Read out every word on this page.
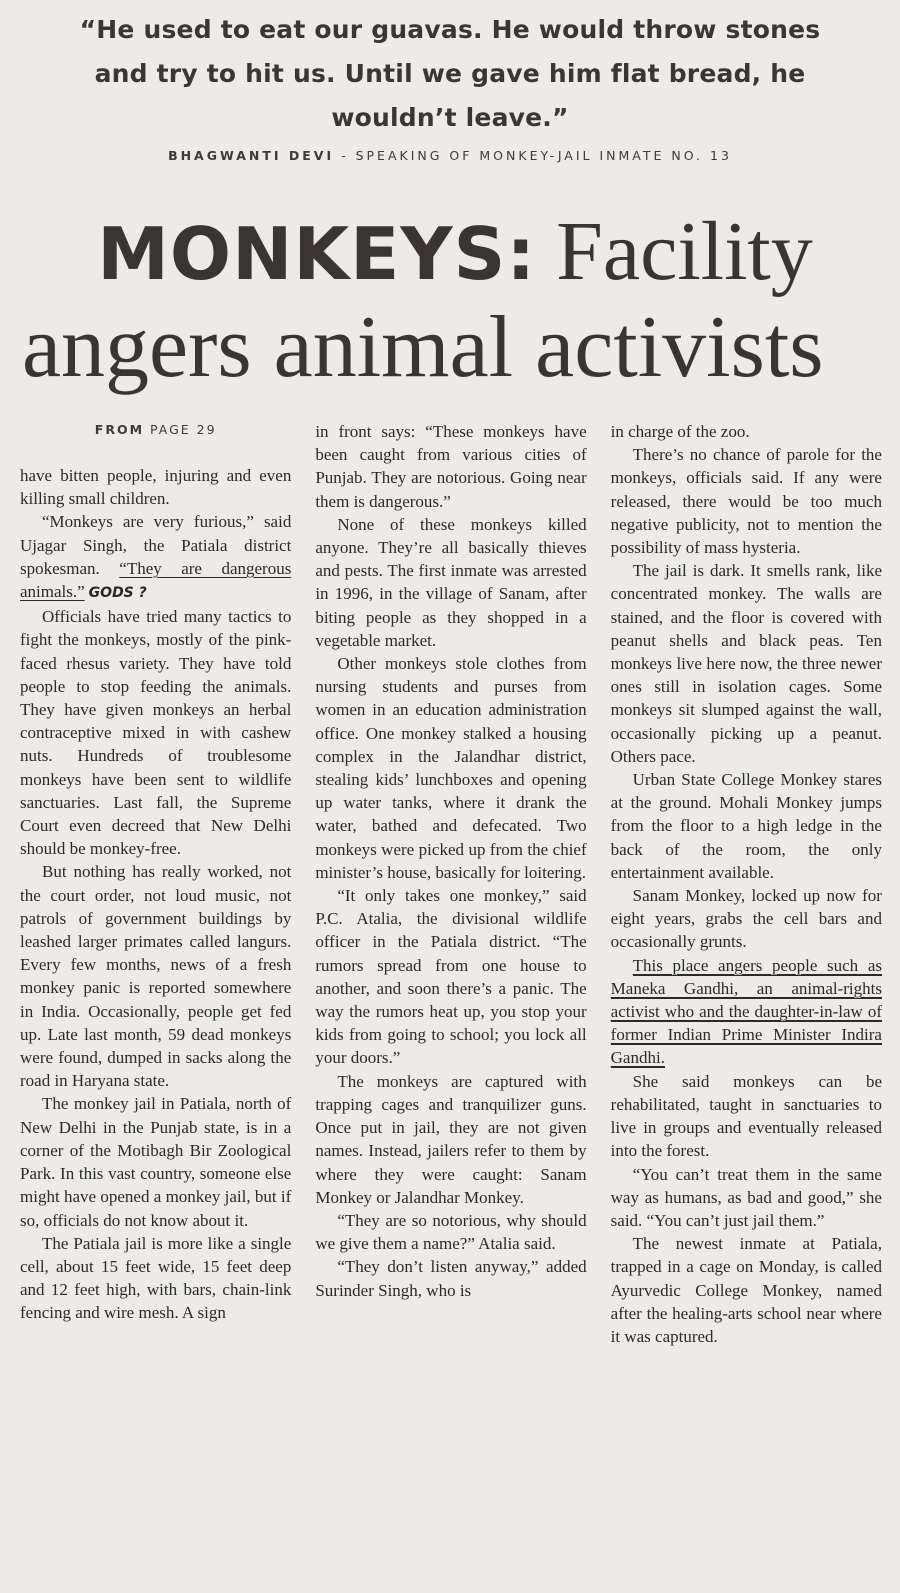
“He used to eat our guavas. He would throw stones
and try to hit us. Until we gave him flat bread, he
wouldn’t leave.”
BHAGWANTI DEVI - SPEAKING OF MONKEY-JAIL INMATE NO. 13
MONKEYS: Facility
angers animal activists
FROM PAGE 29

have bitten people, injuring and even killing small children.

“Monkeys are very furious,” said Ujagar Singh, the Patiala district spokesman. “They are dangerous animals.” GODS ?

Officials have tried many tactics to fight the monkeys, mostly of the pink-faced rhesus variety. They have told people to stop feeding the animals. They have given monkeys an herbal contraceptive mixed in with cashew nuts. Hundreds of troublesome monkeys have been sent to wildlife sanctuaries. Last fall, the Supreme Court even decreed that New Delhi should be monkey-free.

But nothing has really worked, not the court order, not loud music, not patrols of government buildings by leashed larger primates called langurs. Every few months, news of a fresh monkey panic is reported somewhere in India. Occasionally, people get fed up. Late last month, 59 dead monkeys were found, dumped in sacks along the road in Haryana state.

The monkey jail in Patiala, north of New Delhi in the Punjab state, is in a corner of the Motibagh Bir Zoological Park. In this vast country, someone else might have opened a monkey jail, but if so, officials do not know about it.

The Patiala jail is more like a single cell, about 15 feet wide, 15 feet deep and 12 feet high, with bars, chain-link fencing and wire mesh. A sign

in front says: “These monkeys have been caught from various cities of Punjab. They are notorious. Going near them is dangerous.”

None of these monkeys killed anyone. They’re all basically thieves and pests. The first inmate was arrested in 1996, in the village of Sanam, after biting people as they shopped in a vegetable market.

Other monkeys stole clothes from nursing students and purses from women in an education administration office. One monkey stalked a housing complex in the Jalandhar district, stealing kids’ lunchboxes and opening up water tanks, where it drank the water, bathed and defecated. Two monkeys were picked up from the chief minister’s house, basically for loitering.

“It only takes one monkey,” said P.C. Atalia, the divisional wildlife officer in the Patiala district. “The rumors spread from one house to another, and soon there’s a panic. The way the rumors heat up, you stop your kids from going to school; you lock all your doors.”

The monkeys are captured with trapping cages and tranquilizer guns. Once put in jail, they are not given names. Instead, jailers refer to them by where they were caught: Sanam Monkey or Jalandhar Monkey.

“They are so notorious, why should we give them a name?” Atalia said.

“They don’t listen anyway,” added Surinder Singh, who is

in charge of the zoo.

There’s no chance of parole for the monkeys, officials said. If any were released, there would be too much negative publicity, not to mention the possibility of mass hysteria.

The jail is dark. It smells rank, like concentrated monkey. The walls are stained, and the floor is covered with peanut shells and black peas. Ten monkeys live here now, the three newer ones still in isolation cages. Some monkeys sit slumped against the wall, occasionally picking up a peanut. Others pace.

Urban State College Monkey stares at the ground. Mohali Monkey jumps from the floor to a high ledge in the back of the room, the only entertainment available.

Sanam Monkey, locked up now for eight years, grabs the cell bars and occasionally grunts.

This place angers people such as Maneka Gandhi, an animal-rights activist who and the daughter-in-law of former Indian Prime Minister Indira Gandhi.

She said monkeys can be rehabilitated, taught in sanctuaries to live in groups and eventually released into the forest.

“You can’t treat them in the same way as humans, as bad and good,” she said. “You can’t just jail them.”

The newest inmate at Patiala, trapped in a cage on Monday, is called Ayurvedic College Monkey, named after the healing-arts school near where it was captured.
